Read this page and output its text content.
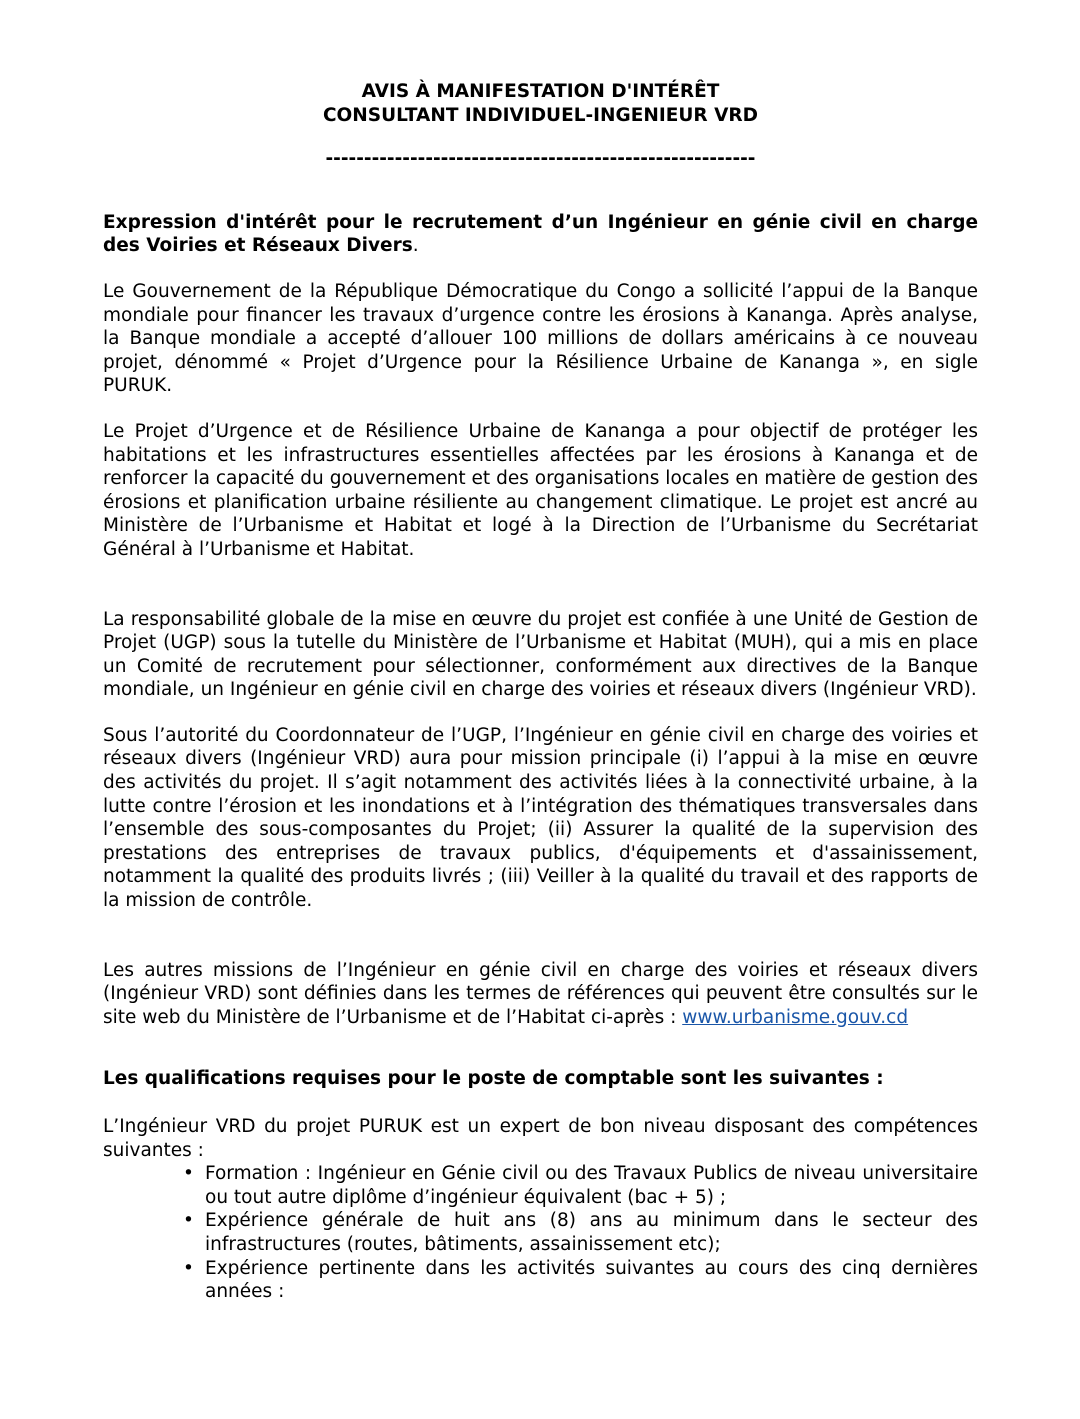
AVIS À MANIFESTATION D'INTÉRÊT
CONSULTANT INDIVIDUEL-INGENIEUR VRD
--------------------------------------------------------
Expression d'intérêt pour le recrutement d’un Ingénieur en génie civil en charge des Voiries et Réseaux Divers.

Le Gouvernement de la République Démocratique du Congo a sollicité l’appui de la Banque mondiale pour financer les travaux d’urgence contre les érosions à Kananga. Après analyse, la Banque mondiale a accepté d’allouer 100 millions de dollars américains à ce nouveau projet, dénommé « Projet d’Urgence pour la Résilience Urbaine de Kananga », en sigle PURUK.

Le Projet d’Urgence et de Résilience Urbaine de Kananga a pour objectif de protéger les habitations et les infrastructures essentielles affectées par les érosions à Kananga et de renforcer la capacité du gouvernement et des organisations locales en matière de gestion des érosions et planification urbaine résiliente au changement climatique. Le projet est ancré au Ministère de l’Urbanisme et Habitat et logé à la Direction de l’Urbanisme du Secrétariat Général à l’Urbanisme et Habitat.

La responsabilité globale de la mise en œuvre du projet est confiée à une Unité de Gestion de Projet (UGP) sous la tutelle du Ministère de l’Urbanisme et Habitat (MUH), qui a mis en place un Comité de recrutement pour sélectionner, conformément aux directives de la Banque mondiale, un Ingénieur en génie civil en charge des voiries et réseaux divers (Ingénieur VRD).

Sous l’autorité du Coordonnateur de l’UGP, l’Ingénieur en génie civil en charge des voiries et réseaux divers (Ingénieur VRD) aura pour mission principale (i) l’appui à la mise en œuvre des activités du projet. Il s’agit notamment des activités liées à la connectivité urbaine, à la lutte contre l’érosion et les inondations et à l’intégration des thématiques transversales dans l’ensemble des sous-composantes du Projet; (ii) Assurer la qualité de la supervision des prestations des entreprises de travaux publics, d'équipements et d'assainissement, notamment la qualité des produits livrés ; (iii) Veiller à la qualité du travail et des rapports de la mission de contrôle.

Les autres missions de l’Ingénieur en génie civil en charge des voiries et réseaux divers (Ingénieur VRD) sont définies dans les termes de références qui peuvent être consultés sur le site web du Ministère de l’Urbanisme et de l’Habitat ci-après : www.urbanisme.gouv.cd

Les qualifications requises pour le poste de comptable sont les suivantes :

L’Ingénieur VRD du projet PURUK est un expert de bon niveau disposant des compétences suivantes :

• Formation : Ingénieur en Génie civil ou des Travaux Publics de niveau universitaire ou tout autre diplôme d’ingénieur équivalent (bac + 5) ;
• Expérience générale de huit ans (8) ans au minimum dans le secteur des infrastructures (routes, bâtiments, assainissement etc);
• Expérience pertinente dans les activités suivantes au cours des cinq dernières années :
